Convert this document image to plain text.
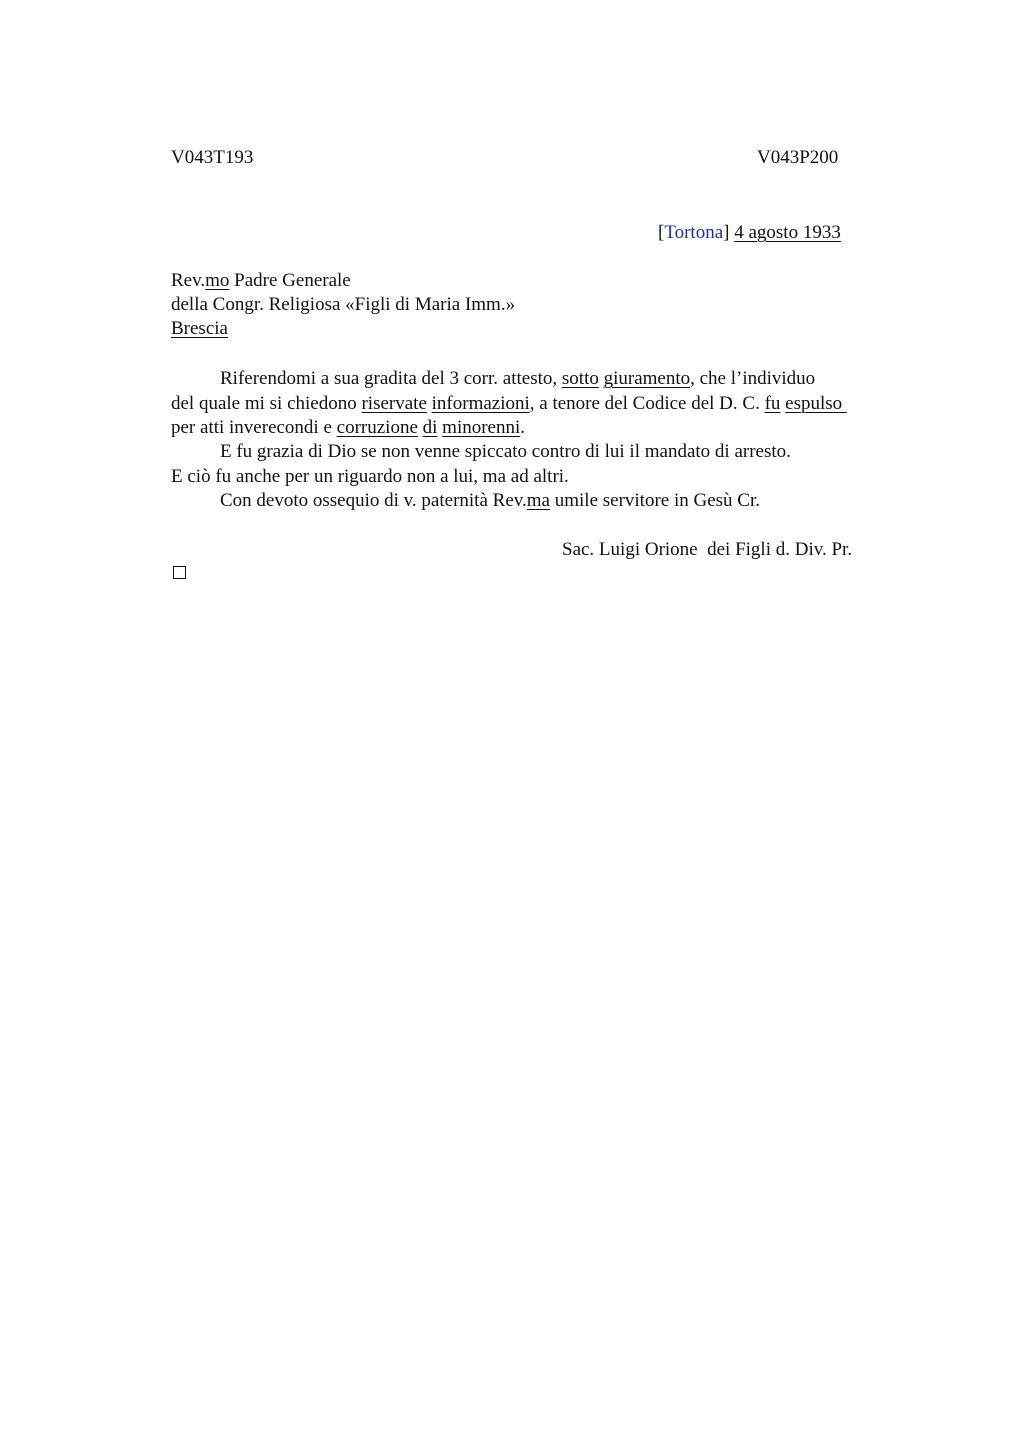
V043T193	V043P200
[Tortona] 4 agosto 1933
Rev.mo Padre Generale
della Congr. Religiosa «Figli di Maria Imm.»
Brescia
Riferendomi a sua gradita del 3 corr. attesto, sotto giuramento, che l’individuo
del quale mi si chiedono riservate informazioni, a tenore del Codice del D. C. fu espulso
per atti inverecondi e corruzione di minorenni.
E fu grazia di Dio se non venne spiccato contro di lui il mandato di arresto.
E ciò fu anche per un riguardo non a lui, ma ad altri.
Con devoto ossequio di v. paternità Rev.ma umile servitore in Gesù Cr.
Sac. Luigi Orione  dei Figli d. Div. Pr.
